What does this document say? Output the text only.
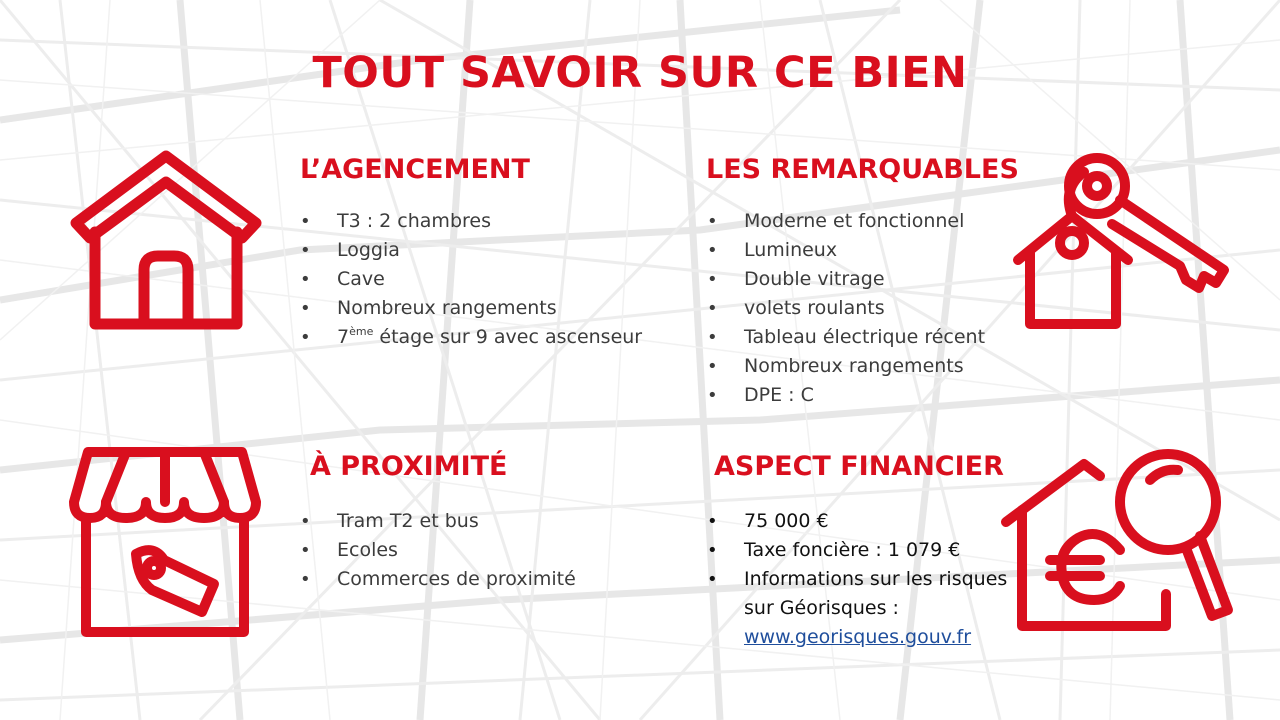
TOUT SAVOIR SUR CE BIEN
L’AGENCEMENT
• T3 : 2 chambres
• Loggia
• Cave
• Nombreux rangements
• 7ème étage sur 9 avec ascenseur
LES REMARQUABLES
• Moderne et fonctionnel
• Lumineux
• Double vitrage
• volets roulants
• Tableau électrique récent
• Nombreux rangements
• DPE : C
À PROXIMITÉ
• Tram T2 et bus
• Ecoles
• Commerces de proximité
ASPECT FINANCIER
• 75 000 €
• Taxe foncière : 1 079 €
• Informations sur les risques
sur Géorisques :
www.georisques.gouv.fr
